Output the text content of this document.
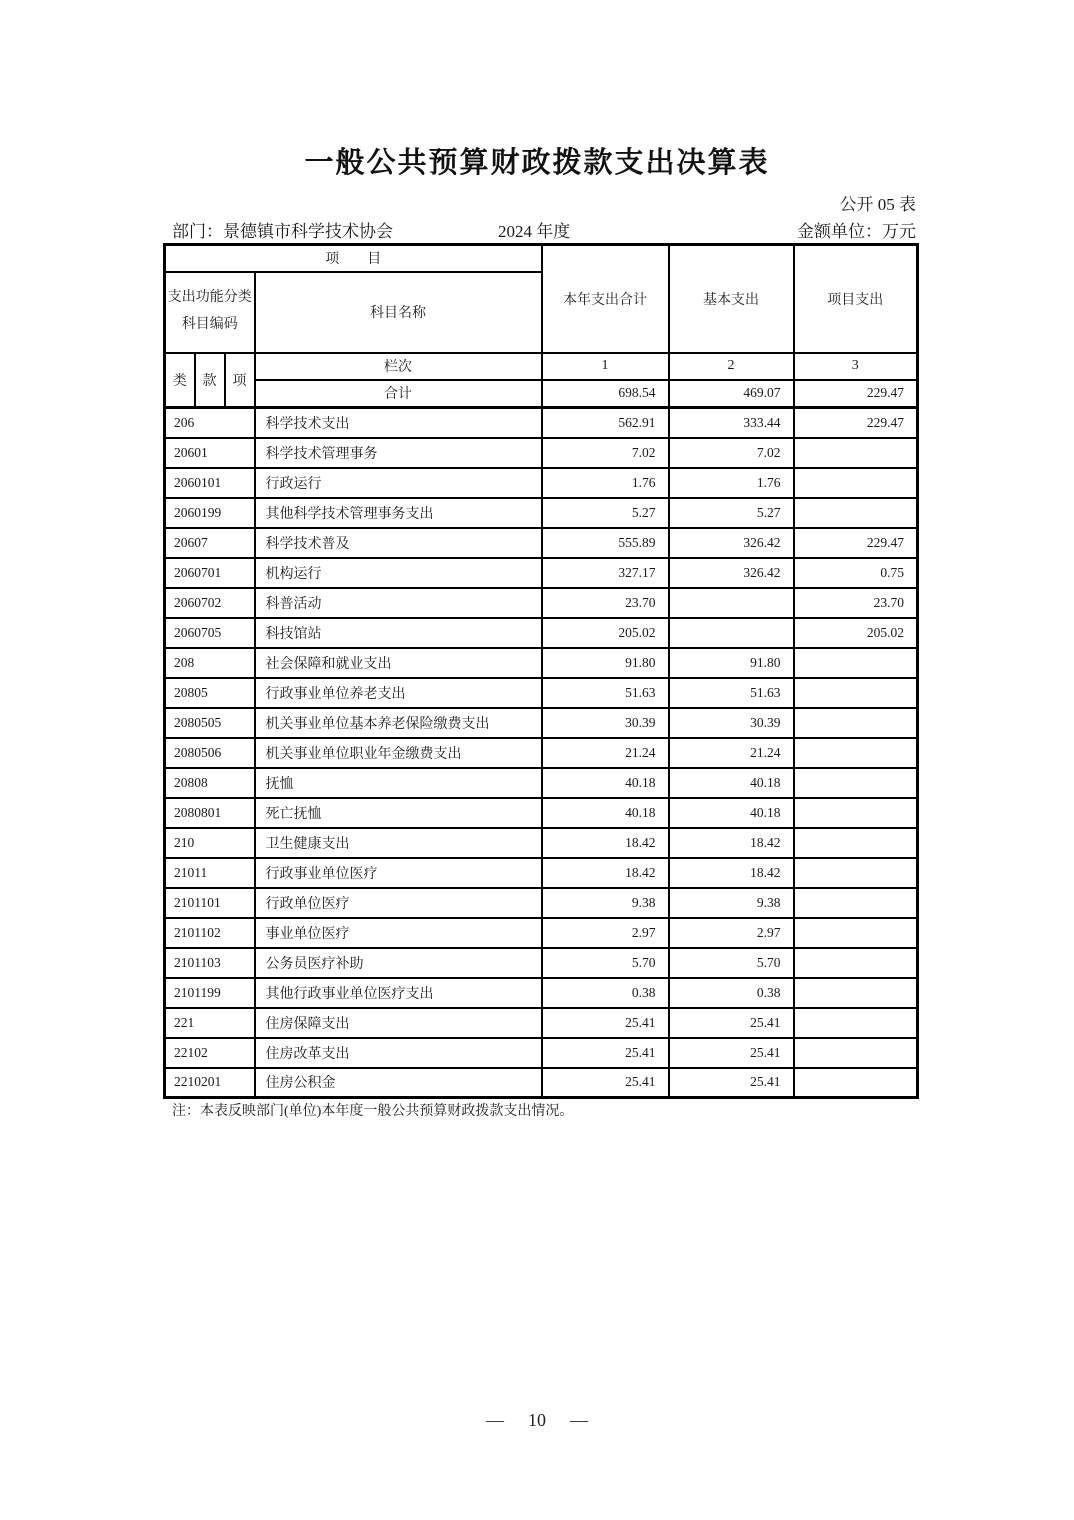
一般公共预算财政拨款支出决算表
公开 05 表
部门：景德镇市科学技术协会	2024 年度	金额单位：万元
项　　目				本年支出合计	基本支出	项目支出

支出功能分类
科目编码			科目名称			
类	款	项	栏次	1	2	3
			合计	698.54	469.07	229.47
206			科学技术支出	562.91	333.44	229.47
20601			科学技术管理事务	7.02	7.02	
2060101			行政运行	1.76	1.76	
2060199			其他科学技术管理事务支出	5.27	5.27	
20607			科学技术普及	555.89	326.42	229.47
2060701			机构运行	327.17	326.42	0.75
2060702			科普活动	23.70		23.70
2060705			科技馆站	205.02		205.02
208			社会保障和就业支出	91.80	91.80	
20805			行政事业单位养老支出	51.63	51.63	
2080505			机关事业单位基本养老保险缴费支出	30.39	30.39	
2080506			机关事业单位职业年金缴费支出	21.24	21.24	
20808			抚恤	40.18	40.18	
2080801			死亡抚恤	40.18	40.18	
210			卫生健康支出	18.42	18.42	
21011			行政事业单位医疗	18.42	18.42	
2101101			行政单位医疗	9.38	9.38	
2101102			事业单位医疗	2.97	2.97	
2101103			公务员医疗补助	5.70	5.70	
2101199			其他行政事业单位医疗支出	0.38	0.38	
221			住房保障支出	25.41	25.41	
22102			住房改革支出	25.41	25.41	
2210201			住房公积金	25.41	25.41	
注：本表反映部门(单位)本年度一般公共预算财政拨款支出情况。
— 10 —
